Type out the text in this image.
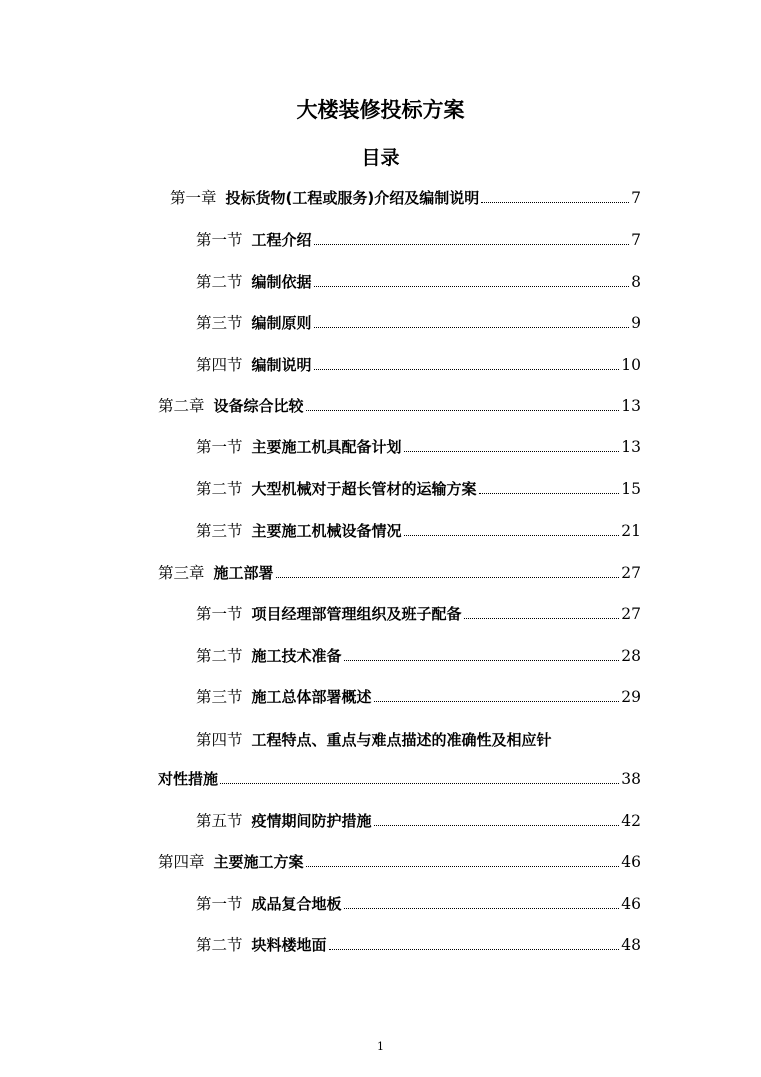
大楼装修投标方案
目录
第一章 投标货物(工程或服务)介绍及编制说明	7
第一节 工程介绍	7
第二节 编制依据	8
第三节 编制原则	9
第四节 编制说明	10
第二章 设备综合比较	13
第一节 主要施工机具配备计划	13
第二节 大型机械对于超长管材的运输方案	15
第三节 主要施工机械设备情况	21
第三章 施工部署	27
第一节 项目经理部管理组织及班子配备	27
第二节 施工技术准备	28
第三节 施工总体部署概述	29
第四节 工程特点、重点与难点描述的准确性及相应针
对性措施	38
第五节 疫情期间防护措施	42
第四章 主要施工方案	46
第一节 成品复合地板	46
第二节 块料楼地面	48
1
